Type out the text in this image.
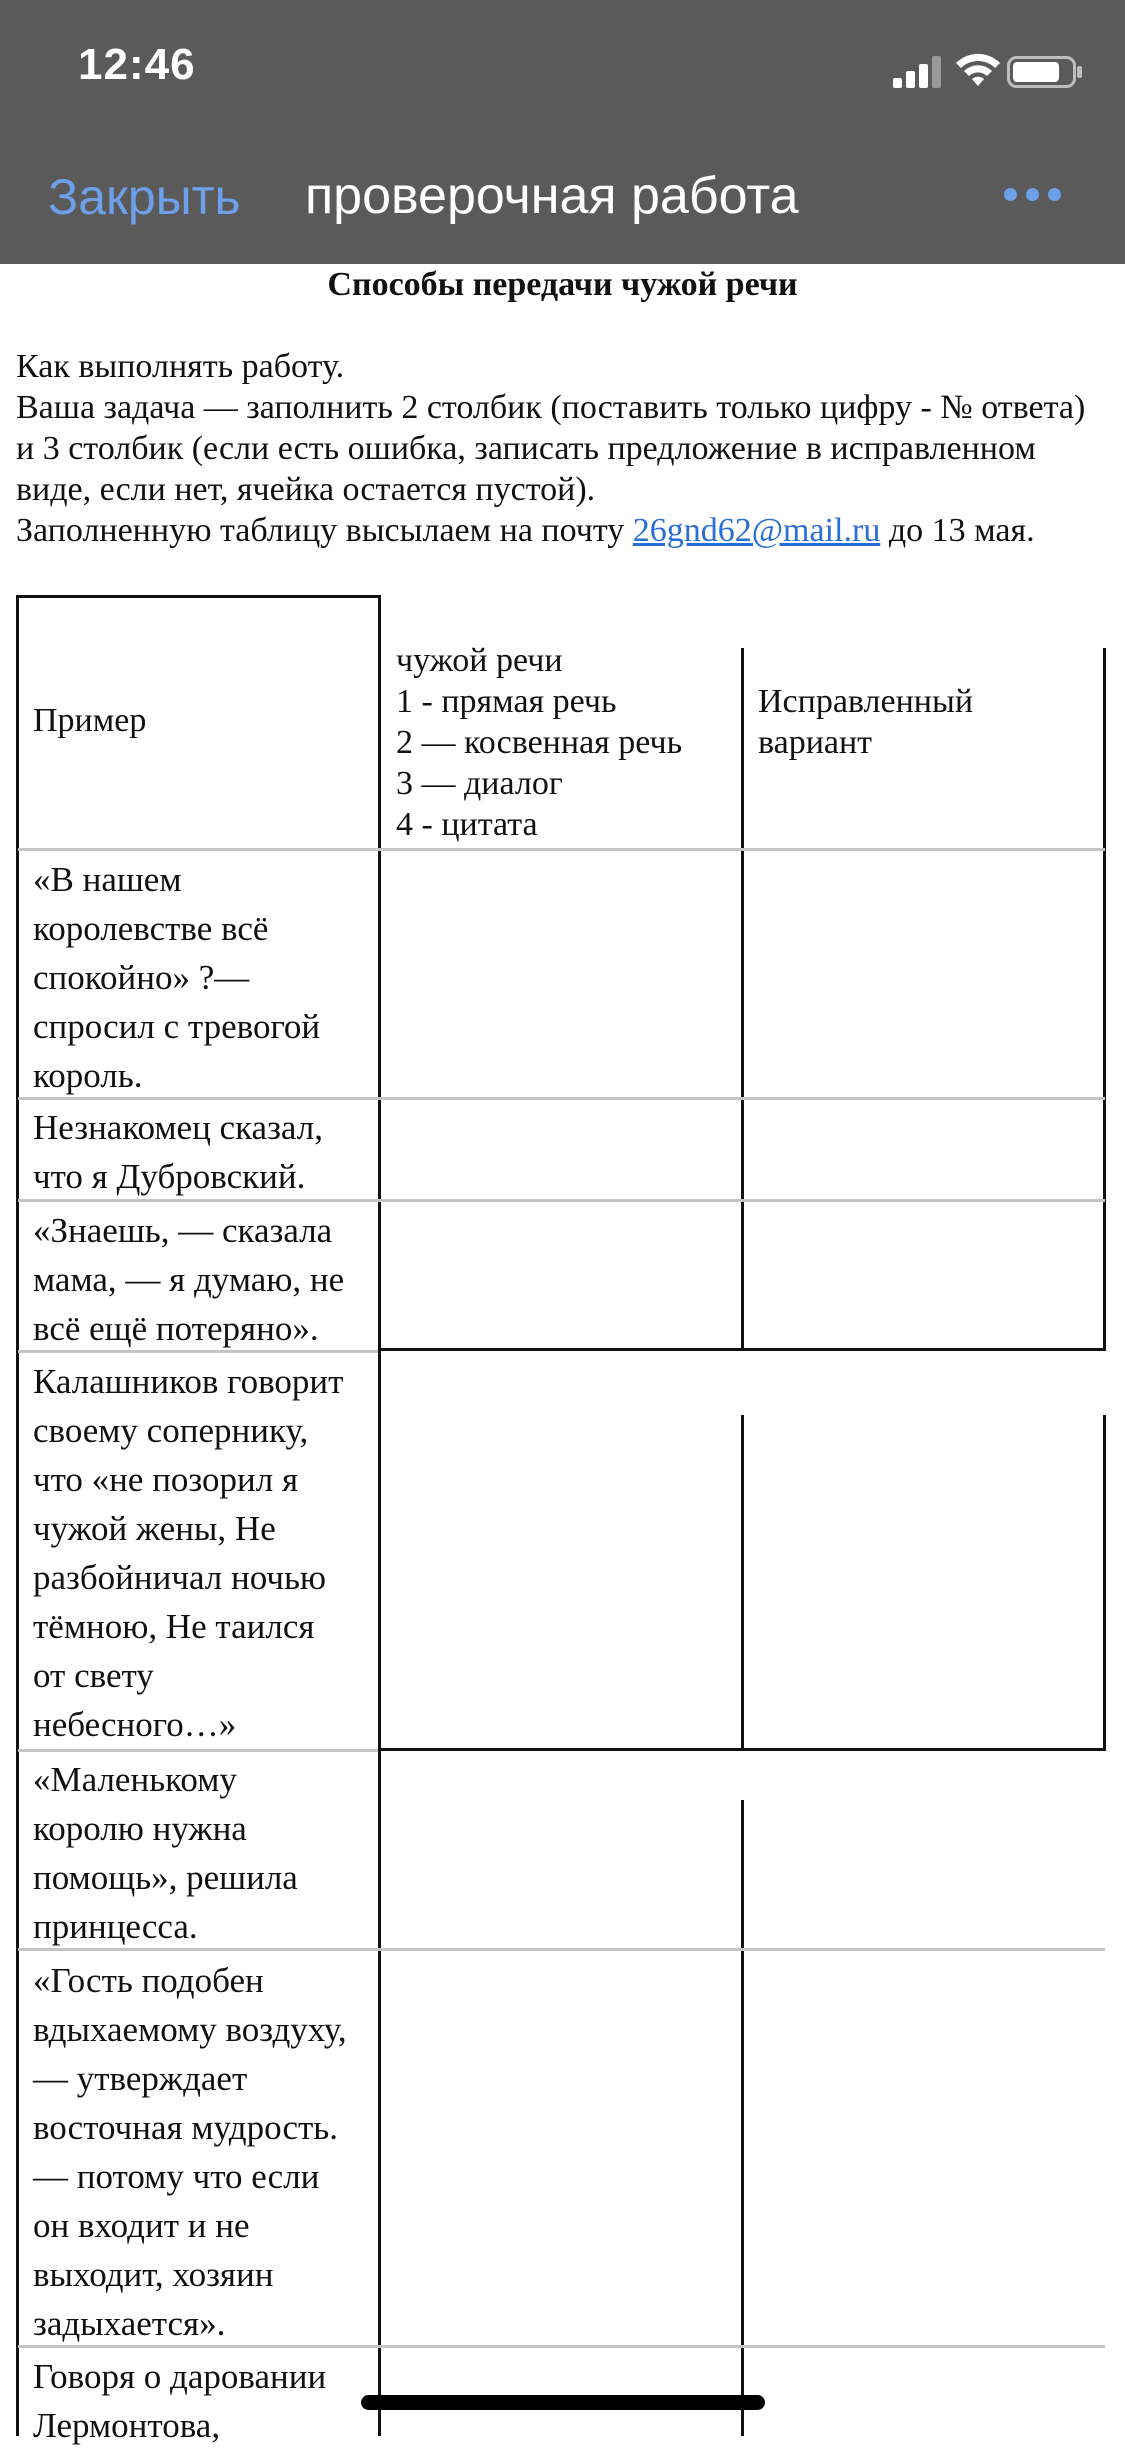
12:46
Закрыть проверочная работа
Способы передачи чужой речи

Как выполнять работу.

Ваша задача — заполнить 2 столбик (поставить только цифру - № ответа) и 3 столбик (если есть ошибка, записать предложение в исправленном виде, если нет, ячейка остается пустой).

Заполненную таблицу высылаем на почту 26gnd62@mail.ru до 13 мая.

Пример
чужой речи
1 - прямая речь
2 — косвенная речь
3 — диалог
4 - цитата
Исправленный
вариант
«В нашем
королевстве всё
спокойно» ?—
спросил с тревогой
король.
Незнакомец сказал,
что я Дубровский.
«Знаешь, — сказала
мама, — я думаю, не
всё ещё потеряно».
Калашников говорит
своему сопернику,
что «не позорил я
чужой жены, Не
разбойничал ночью
тёмною, Не таился
от свету
небесного…»
«Маленькому
королю нужна
помощь», решила
принцесса.
«Гость подобен
вдыхаемому воздуху,
— утверждает
восточная мудрость.
— потому что если
он входит и не
выходит, хозяин
задыхается».
Говоря о даровании
Лермонтова,
